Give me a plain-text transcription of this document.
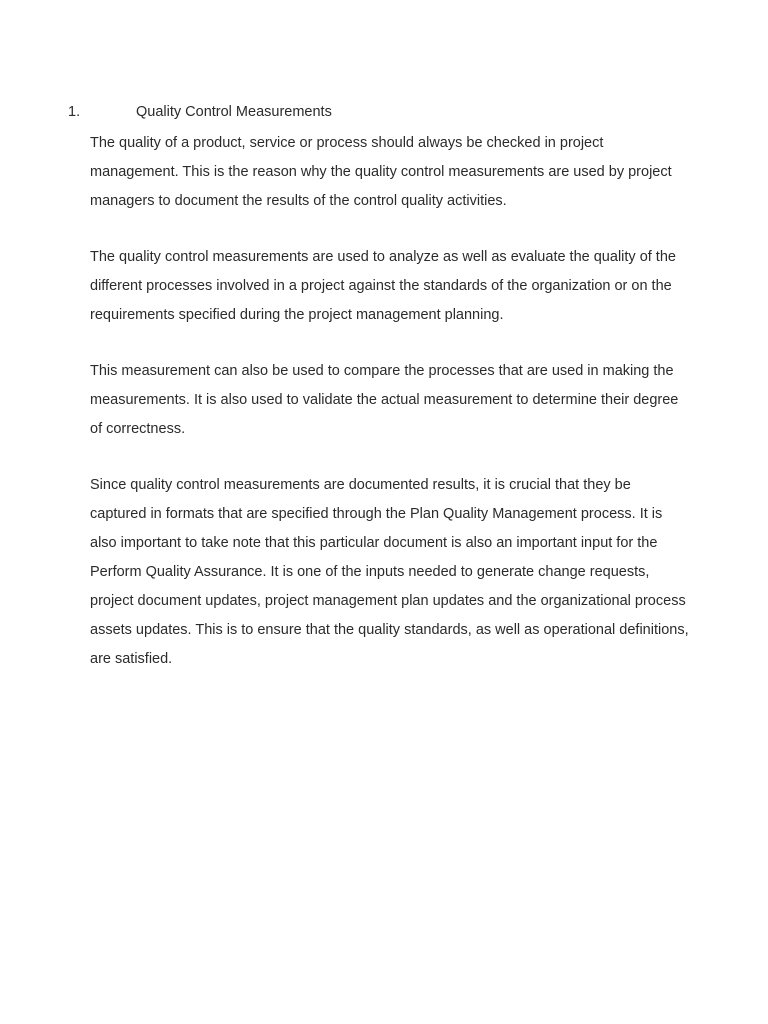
1.	Quality Control Measurements

The quality of a product, service or process should always be checked in project management. This is the reason why the quality control measurements are used by project managers to document the results of the control quality activities.

The quality control measurements are used to analyze as well as evaluate the quality of the different processes involved in a project against the standards of the organization or on the requirements specified during the project management planning.

This measurement can also be used to compare the processes that are used in making the measurements. It is also used to validate the actual measurement to determine their degree of correctness.

Since quality control measurements are documented results, it is crucial that they be captured in formats that are specified through the Plan Quality Management process. It is also important to take note that this particular document is also an important input for the Perform Quality Assurance. It is one of the inputs needed to generate change requests, project document updates, project management plan updates and the organizational process assets updates. This is to ensure that the quality standards, as well as operational definitions, are satisfied.
